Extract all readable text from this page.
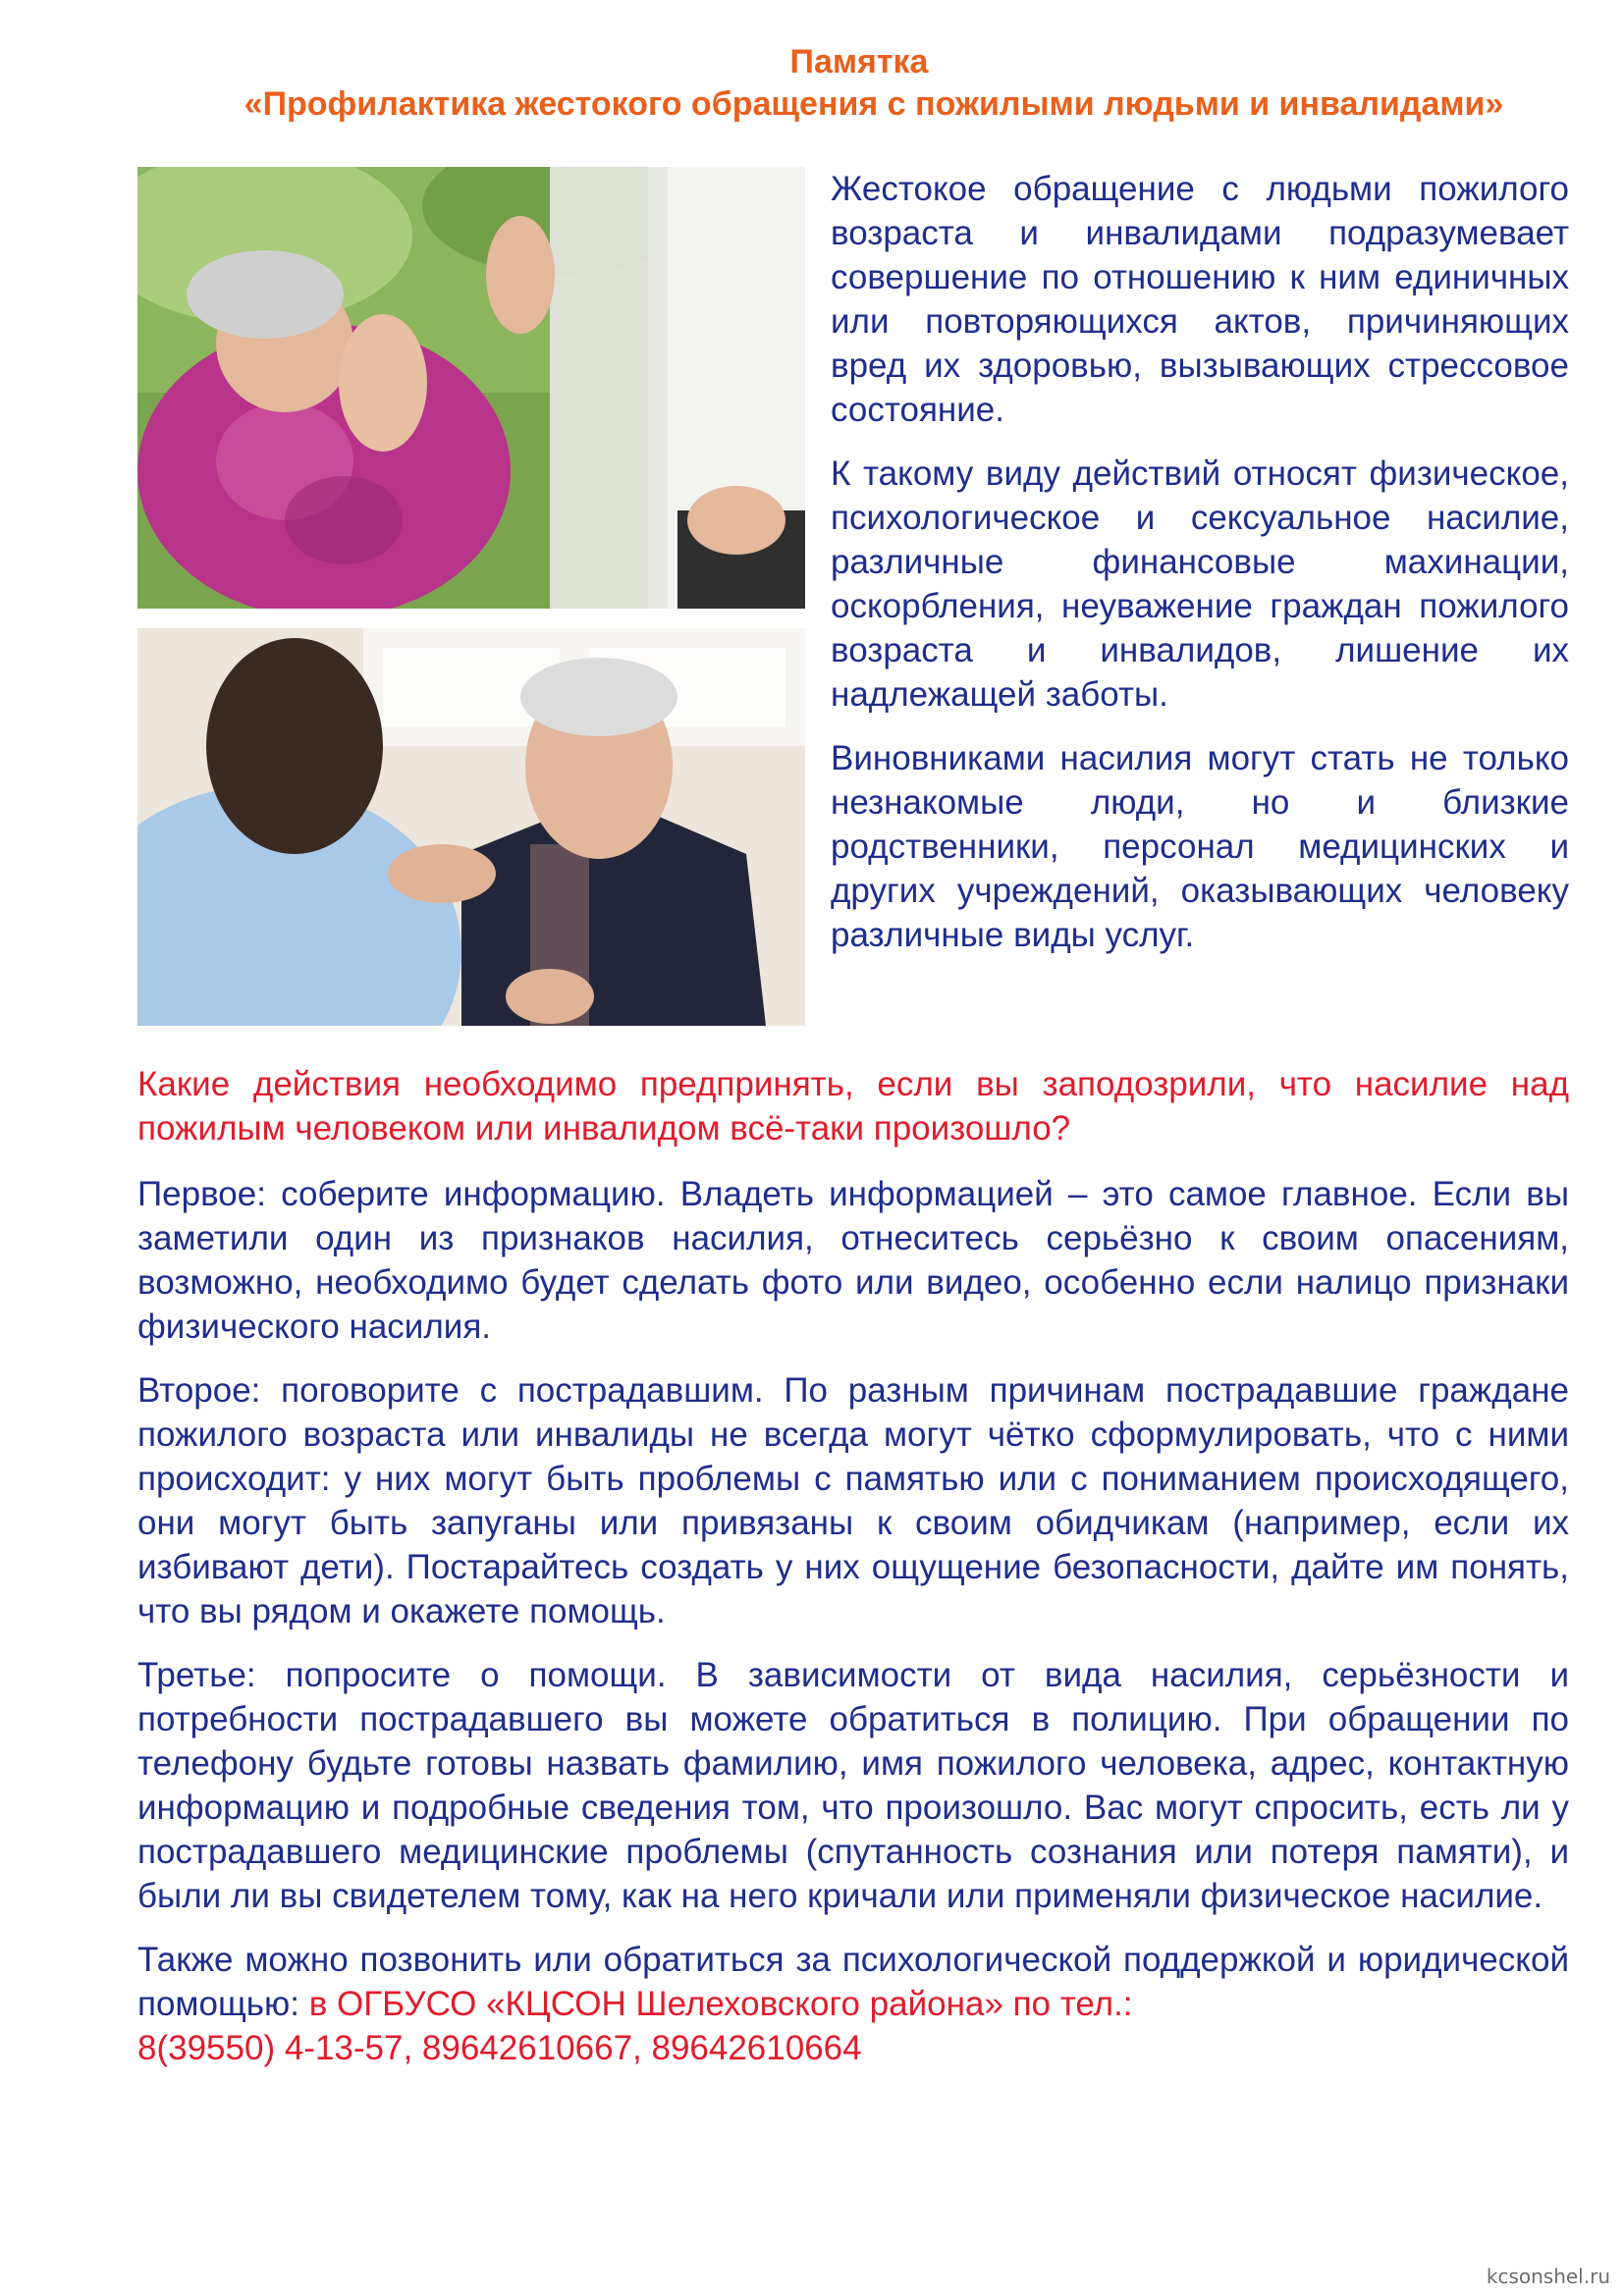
Памятка
«Профилактика жестокого обращения с пожилыми людьми и инвалидами»

Жестокое обращение с людьми пожилого возраста и инвалидами подразумевает совершение по отношению к ним единичных или повторяющихся актов, причиняющих вред их здоровью, вызывающих стрессовое состояние.

К такому виду действий относят физическое, психологическое и сексуальное насилие, различные финансовые махинации, оскорбления, неуважение граждан пожилого возраста и инвалидов, лишение их надлежащей заботы.

Виновниками насилия могут стать не только незнакомые люди, но и близкие родственники, персонал медицинских и других учреждений, оказывающих человеку различные виды услуг.

Какие действия необходимо предпринять, если вы заподозрили, что насилие над пожилым человеком или инвалидом всё-таки произошло?

Первое: соберите информацию. Владеть информацией – это самое главное. Если вы заметили один из признаков насилия, отнеситесь серьёзно к своим опасениям, возможно, необходимо будет сделать фото или видео, особенно если налицо признаки физического насилия.

Второе: поговорите с пострадавшим. По разным причинам пострадавшие граждане пожилого возраста или инвалиды не всегда могут чётко сформулировать, что с ними происходит: у них могут быть проблемы с памятью или с пониманием происходящего, они могут быть запуганы или привязаны к своим обидчикам (например, если их избивают дети). Постарайтесь создать у них ощущение безопасности, дайте им понять, что вы рядом и окажете помощь.

Третье: попросите о помощи. В зависимости от вида насилия, серьёзности и потребности пострадавшего вы можете обратиться в полицию. При обращении по телефону будьте готовы назвать фамилию, имя пожилого человека, адрес, контактную информацию и подробные сведения том, что произошло. Вас могут спросить, есть ли у пострадавшего медицинские проблемы (спутанность сознания или потеря памяти), и были ли вы свидетелем тому, как на него кричали или применяли физическое насилие.

Также можно позвонить или обратиться за психологической поддержкой и юридической помощью: в ОГБУСО «КЦСОН Шелеховского района» по тел.:

8(39550) 4-13-57, 89642610667, 89642610664

kcsonshel.ru
